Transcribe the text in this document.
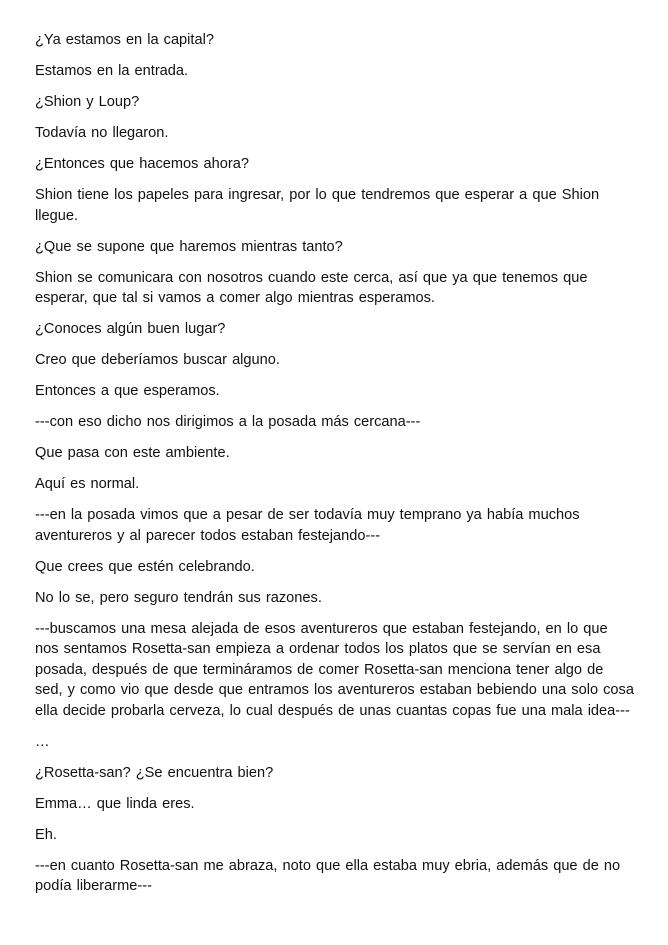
¿Ya estamos en la capital?

Estamos en la entrada.

¿Shion y Loup?

Todavía no llegaron.

¿Entonces que hacemos ahora?

Shion tiene los papeles para ingresar, por lo que tendremos que esperar a que Shion llegue.

¿Que se supone que haremos mientras tanto?

Shion se comunicara con nosotros cuando este cerca, así que ya que tenemos que esperar, que tal si vamos a comer algo mientras esperamos.

¿Conoces algún buen lugar?

Creo que deberíamos buscar alguno.

Entonces a que esperamos.

---con eso dicho nos dirigimos a la posada más cercana---

Que pasa con este ambiente.

Aquí es normal.

---en la posada vimos que a pesar de ser todavía muy temprano ya había muchos aventureros y al parecer todos estaban festejando---

Que crees que estén celebrando.

No lo se, pero seguro tendrán sus razones.

---buscamos una mesa alejada de esos aventureros que estaban festejando, en lo que nos sentamos Rosetta-san empieza a ordenar todos los platos que se servían en esa posada, después de que termináramos de comer Rosetta-san menciona tener algo de sed, y como vio que desde que entramos los aventureros estaban bebiendo una solo cosa ella decide probarla cerveza, lo cual después de unas cuantas copas fue una mala idea---

…

¿Rosetta-san? ¿Se encuentra bien?

Emma… que linda eres.

Eh.

---en cuanto Rosetta-san me abraza, noto que ella estaba muy ebria, además que de no podía liberarme---
